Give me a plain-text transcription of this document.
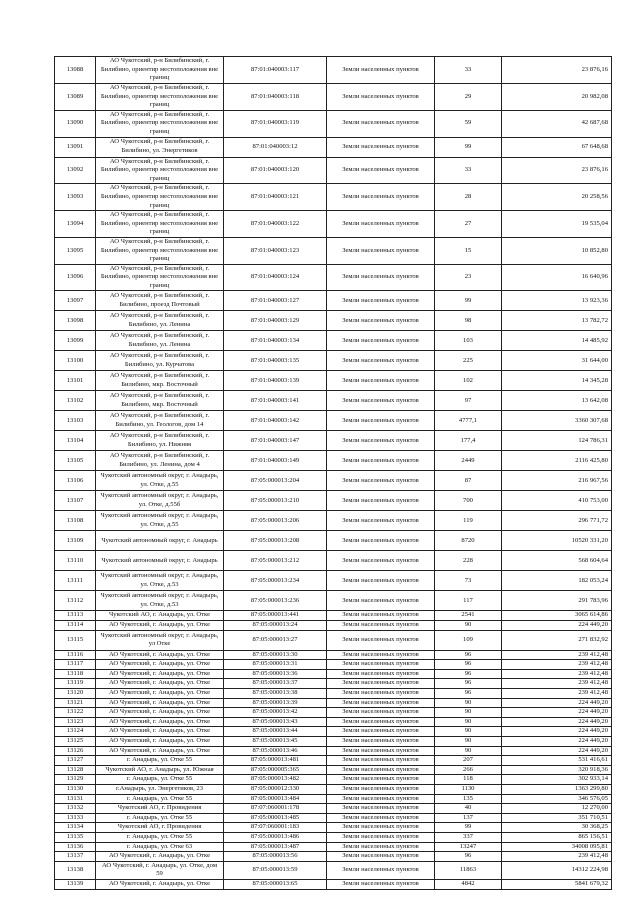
13088	АО Чукотский, р-н Билибинский, г. Билибино, ориентир местоположения вне границ	87:01:040003:117	Земли населенных пунктов	33	23 876,16
13089	АО Чукотский, р-н Билибинский, г. Билибино, ориентир местоположения вне границ	87:01:040003:118	Земли населенных пунктов	29	20 982,08
13090	АО Чукотский, р-н Билибинский, г. Билибино, ориентир местоположения вне границ	87:01:040003:119	Земли населенных пунктов	59	42 687,68
13091	АО Чукотский, р-н Билибинский, г. Билибино, ул. Энергетиков	87:01:040003:12	Земли населенных пунктов	99	67 648,68
13092	АО Чукотский, р-н Билибинский, г. Билибино, ориентир местоположения вне границ	87:01:040003:120	Земли населенных пунктов	33	23 876,16
13093	АО Чукотский, р-н Билибинский, г. Билибино, ориентир местоположения вне границ	87:01:040003:121	Земли населенных пунктов	28	20 258,56
13094	АО Чукотский, р-н Билибинский, г. Билибино, ориентир местоположения вне границ	87:01:040003:122	Земли населенных пунктов	27	19 535,04
13095	АО Чукотский, р-н Билибинский, г. Билибино, ориентир местоположения вне границ	87:01:040003:123	Земли населенных пунктов	15	10 852,80
13096	АО Чукотский, р-н Билибинский, г. Билибино, ориентир местоположения вне границ	87:01:040003:124	Земли населенных пунктов	23	16 640,96
13097	АО Чукотский, р-н Билибинский, г. Билибино, проезд Почтовый	87:01:040003:127	Земли населенных пунктов	99	13 923,36
13098	АО Чукотский, р-н Билибинский, г. Билибино, ул. Ленина	87:01:040003:129	Земли населенных пунктов	98	13 782,72
13099	АО Чукотский, р-н Билибинский, г. Билибино, ул. Ленина	87:01:040003:134	Земли населенных пунктов	103	14 485,92
13100	АО Чукотский, р-н Билибинский, г. Билибино, ул. Курчатова	87:01:040003:135	Земли населенных пунктов	225	31 644,00
13101	АО Чукотский, р-н Билибинский, г. Билибино, мкр. Восточный	87:01:040003:139	Земли населенных пунктов	102	14 345,28
13102	АО Чукотский, р-н Билибинский, г. Билибино, мкр. Восточный	87:01:040003:141	Земли населенных пунктов	97	13 642,08
13103	АО Чукотский, р-н Билибинский, г. Билибино, ул. Геологов, дом 14	87:01:040003:142	Земли населенных пунктов	4777,1	3360 307,68
13104	АО Чукотский, р-н Билибинский, г. Билибино, ул. Нижняя	87:01:040003:147	Земли населенных пунктов	177,4	124 786,31
13105	АО Чукотский, р-н Билибинский, г. Билибино, ул. Ленина, дом 4	87:01:040003:149	Земли населенных пунктов	2449	2116 425,80
13106	Чукотский автономный округ, г. Анадырь, ул. Отке, д.55	87:05:000013:204	Земли населенных пунктов	87	216 967,56
13107	Чукотский автономный округ, г. Анадырь, ул. Отке, д.55б	87:05:000013:210	Земли населенных пунктов	700	410 753,00
13108	Чукотский автономный округ, г. Анадырь, ул. Отке, д.55	87:05:000013:206	Земли населенных пунктов	119	296 771,72
13109	Чукотский автономный округ, г. Анадырь	87:05:000013:208	Земли населенных пунктов	8720	10520 331,20
13110	Чукотский автономный округ, г. Анадырь	87:05:000013:212	Земли населенных пунктов	228	568 604,64
13111	Чукотский автономный округ, г. Анадырь, ул. Отке, д.53	87:05:000013:234	Земли населенных пунктов	73	182 053,24
13112	Чукотский автономный округ, г. Анадырь, ул. Отке, д.53	87:05:000013:236	Земли населенных пунктов	117	291 783,96
13113	Чукотский АО, г. Анадырь, ул. Отке	87:05:000013:441	Земли населенных пунктов	2541	3065 614,86
13114	АО Чукотский, г. Анадырь, ул. Отке	87:05:000013:24	Земли населенных пунктов	90	224 449,20
13115	Чукотский автономный округ, г. Анадырь, ул Отке	87:05:000013:27	Земли населенных пунктов	109	271 832,92
13116	АО Чукотский, г. Анадырь, ул. Отке	87:05:000013:30	Земли населенных пунктов	96	239 412,48
13117	АО Чукотский, г. Анадырь, ул. Отке	87:05:000013:31	Земли населенных пунктов	96	239 412,48
13118	АО Чукотский, г. Анадырь, ул. Отке	87:05:000013:36	Земли населенных пунктов	96	239 412,48
13119	АО Чукотский, г. Анадырь, ул. Отке	87:05:000013:37	Земли населенных пунктов	96	239 412,48
13120	АО Чукотский, г. Анадырь, ул. Отке	87:05:000013:38	Земли населенных пунктов	96	239 412,48
13121	АО Чукотский, г. Анадырь, ул. Отке	87:05:000013:39	Земли населенных пунктов	90	224 449,20
13122	АО Чукотский, г. Анадырь, ул. Отке	87:05:000013:42	Земли населенных пунктов	90	224 449,20
13123	АО Чукотский, г. Анадырь, ул. Отке	87:05:000013:43	Земли населенных пунктов	90	224 449,20
13124	АО Чукотский, г. Анадырь, ул. Отке	87:05:000013:44	Земли населенных пунктов	90	224 449,20
13125	АО Чукотский, г. Анадырь, ул. Отке	87:05:000013:45	Земли населенных пунктов	90	224 449,20
13126	АО Чукотский, г. Анадырь, ул. Отке	87:05:000013:46	Земли населенных пунктов	90	224 449,20
13127	г. Анадырь, ул. Отке 55	87:05:000013:481	Земли населенных пунктов	207	531 416,61
13128	Чукотский АО, г. Анадырь, ул. Южная	87:05:000005:365	Земли населенных пунктов	266	320 918,36
13129	г. Анадырь, ул. Отке 55	87:05:000013:482	Земли населенных пунктов	118	302 933,14
13130	г.Анадырь, ул. Энергетиков, 23	87:05:000012:330	Земли населенных пунктов	1130	1363 299,80
13131	г. Анадырь, ул. Отке 55	87:05:000013:484	Земли населенных пунктов	135	346 576,05
13132	Чукотский АО, г. Провидения	87:07:060001:178	Земли населенных пунктов	40	12 270,00
13133	г. Анадырь, ул. Отке 55	87:05:000013:485	Земли населенных пунктов	137	351 710,51
13134	Чукотский АО, г. Провидения	87:07:060001:183	Земли населенных пунктов	99	30 368,25
13135	г. Анадырь, ул. Отке 55	87:05:000013:486	Земли населенных пунктов	337	865 156,51
13136	г. Анадырь, ул. Отке 63	87:05:000013:487	Земли населенных пунктов	13247	34008 095,81
13137	АО Чукотский, г. Анадырь, ул. Отке	87:05:000013:56	Земли населенных пунктов	96	239 412,48
13138	АО Чукотский, г. Анадырь, ул. Отке, дом 59	87:05:000013:59	Земли населенных пунктов	11863	14312 224,98
13139	АО Чукотский, г. Анадырь, ул. Отке	87:05:000013:65	Земли населенных пунктов	4842	5841 679,32
